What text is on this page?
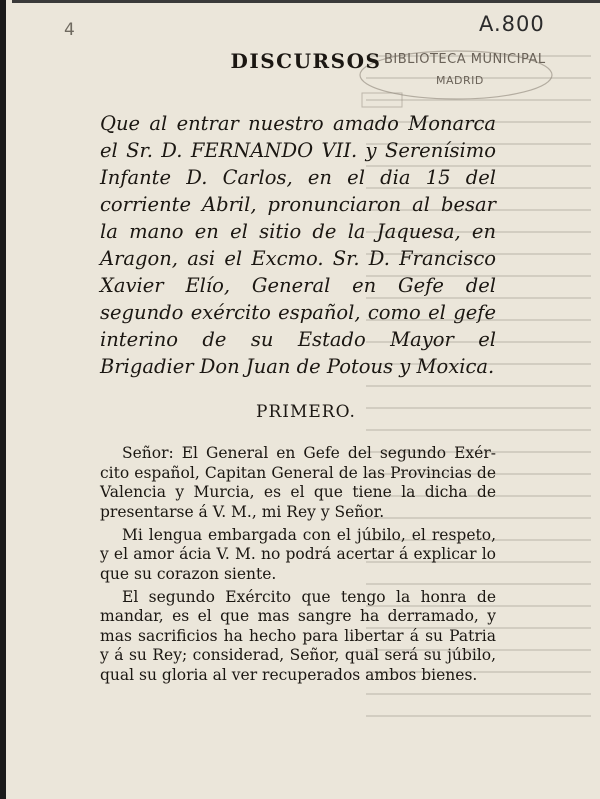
4	A.800
BIBLIOTECA MUNICIPAL
MADRID
DISCURSOS
Que al entrar nuestro amado Monarca el Sr. D. FERNANDO VII. y Serenísimo Infante D. Carlos, en el dia 15 del corriente Abril, pronunciaron al besar la mano en el sitio de la Jaquesa, en Aragon, asi el Excmo. Sr. D. Francisco Xavier Elío, General en Gefe del segundo exército español, como el gefe interino de su Estado Mayor el Brigadier Don Juan de Potous y Moxica.
PRIMERO.

Señor: El General en Gefe del segundo Exército español, Capitan General de las Provincias de Valencia y Murcia, es el que tiene la dicha de presentarse á V. M., mi Rey y Señor.

Mi lengua embargada con el júbilo, el respeto, y el amor ácia V. M. no podrá acertar á explicar lo que su corazon siente.

El segundo Exército que tengo la honra de mandar, es el que mas sangre ha derramado, y mas sacrificios ha hecho para libertar á su Patria y á su Rey; considerad, Señor, qual será su júbilo, qual su gloria al ver recuperados ambos bienes.
